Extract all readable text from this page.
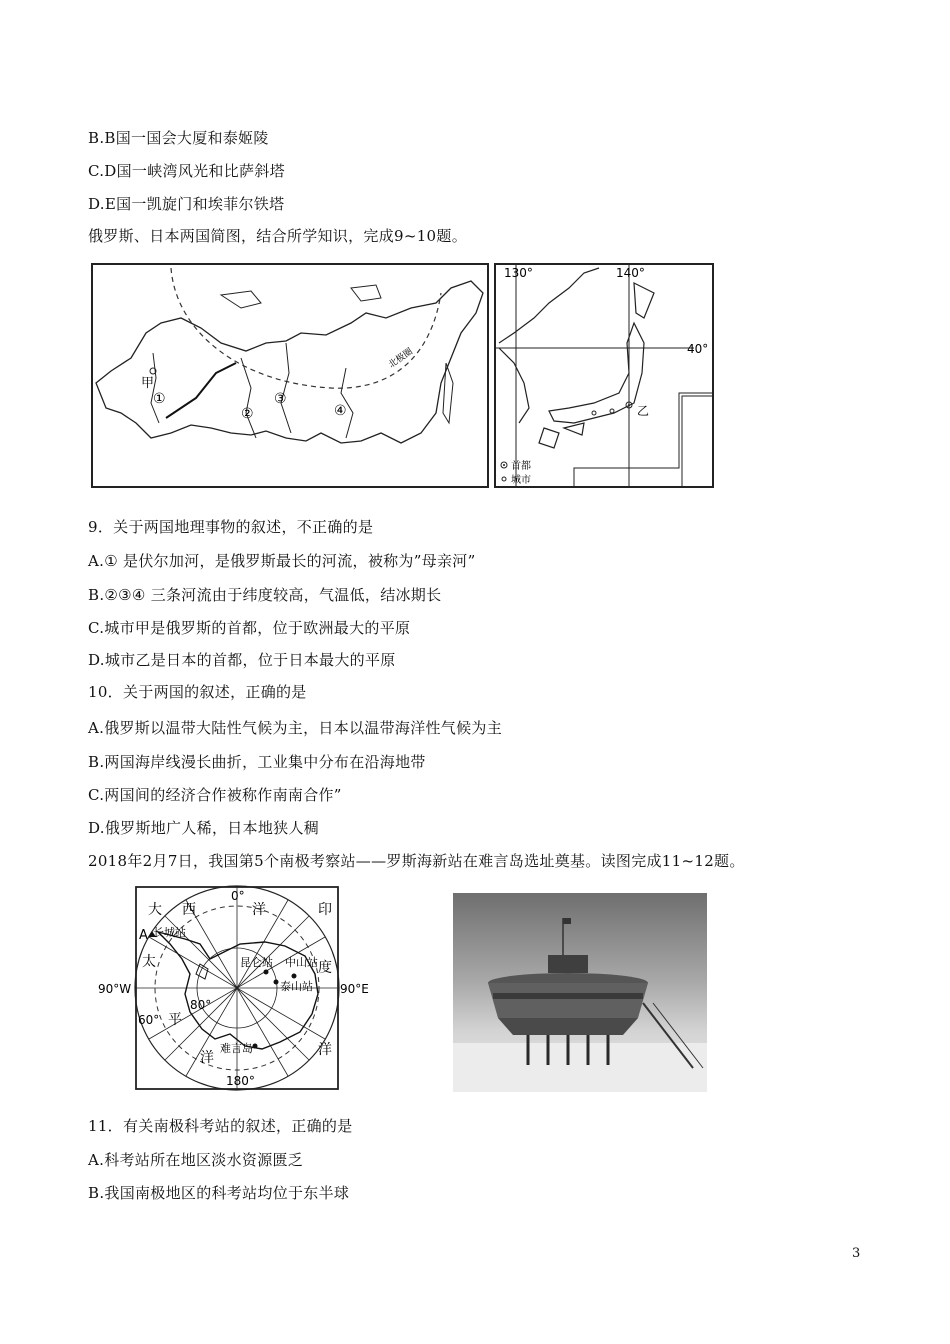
B.B国一国会大厦和泰姬陵
C.D国一峡湾风光和比萨斜塔
D.E国一凯旋门和埃菲尔铁塔
俄罗斯、日本两国简图，结合所学知识，完成9~10题。
甲
①
②
③
④
北极圈
130°	140°
40°
乙
首都
城市
9．关于两国地理事物的叙述，不正确的是
A.① 是伏尔加河，是俄罗斯最长的河流，被称为”母亲河”
B.②③④ 三条河流由于纬度较高，气温低，结冰期长
C.城市甲是俄罗斯的首都，位于欧洲最大的平原
D.城市乙是日本的首都，位于日本最大的平原
10．关于两国的叙述，正确的是
A.俄罗斯以温带大陆性气候为主，日本以温带海洋性气候为主
B.两国海岸线漫长曲折，工业集中分布在沿海地带
C.两国间的经济合作被称作南南合作”
D.俄罗斯地广人稀，日本地狭人稠
2018年2月7日，我国第5个南极考察站——罗斯海新站在难言岛选址奠基。读图完成11~12题。
0°
180°
90°W	90°E
80°
60°
大 西	洋
太
平
洋
印
度
洋
A 长城站
昆仑站 中山站
泰山站
难言岛
11．有关南极科考站的叙述，正确的是
A.科考站所在地区淡水资源匮乏
B.我国南极地区的科考站均位于东半球
3
